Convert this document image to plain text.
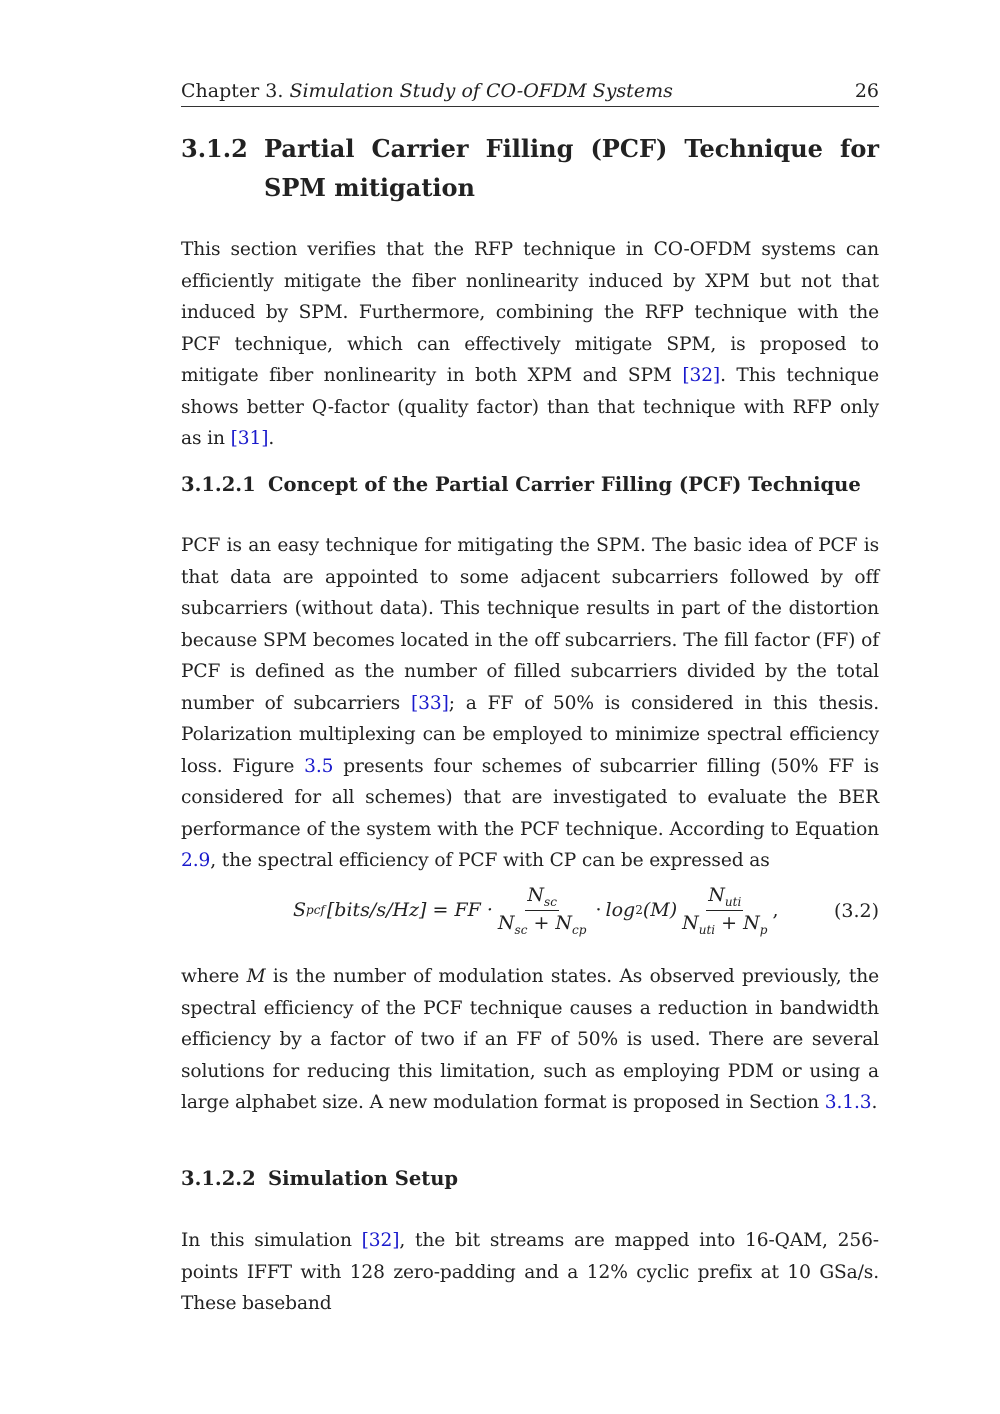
Chapter 3. Simulation Study of CO-OFDM Systems	26
3.1.2 Partial Carrier Filling (PCF) Technique for SPM mitigation

This section verifies that the RFP technique in CO-OFDM systems can efficiently mitigate the fiber nonlinearity induced by XPM but not that induced by SPM. Furthermore, combining the RFP technique with the PCF technique, which can effectively mitigate SPM, is proposed to mitigate fiber nonlinearity in both XPM and SPM [32]. This technique shows better Q-factor (quality factor) than that technique with RFP only as in [31].

3.1.2.1 Concept of the Partial Carrier Filling (PCF) Technique

PCF is an easy technique for mitigating the SPM. The basic idea of PCF is that data are appointed to some adjacent subcarriers followed by off subcarriers (without data). This technique results in part of the distortion because SPM becomes located in the off subcarriers. The fill factor (FF) of PCF is defined as the number of filled subcarriers divided by the total number of subcarriers [33]; a FF of 50% is considered in this thesis. Polarization multiplexing can be employed to minimize spectral efficiency loss. Figure 3.5 presents four schemes of subcarrier filling (50% FF is considered for all schemes) that are investigated to evaluate the BER performance of the system with the PCF technique. According to Equation 2.9, the spectral efficiency of PCF with CP can be expressed as

S pcf [bits/s/Hz] = FF · $\frac{N_{sc}}{N_{sc} + N_{cp}} \cdot \log 2$ $(M) \frac{N_{uti}}{N_{uti} + N_p}$ ,	(3.2)

where M is the number of modulation states. As observed previously, the spectral efficiency of the PCF technique causes a reduction in bandwidth efficiency by a factor of two if an FF of 50% is used. There are several solutions for reducing this limitation, such as employing PDM or using a large alphabet size. A new modulation format is proposed in Section 3.1.3.

3.1.2.2 Simulation Setup

In this simulation [32], the bit streams are mapped into 16-QAM, 256-points IFFT with 128 zero-padding and a 12% cyclic prefix at 10 GSa/s. These baseband
